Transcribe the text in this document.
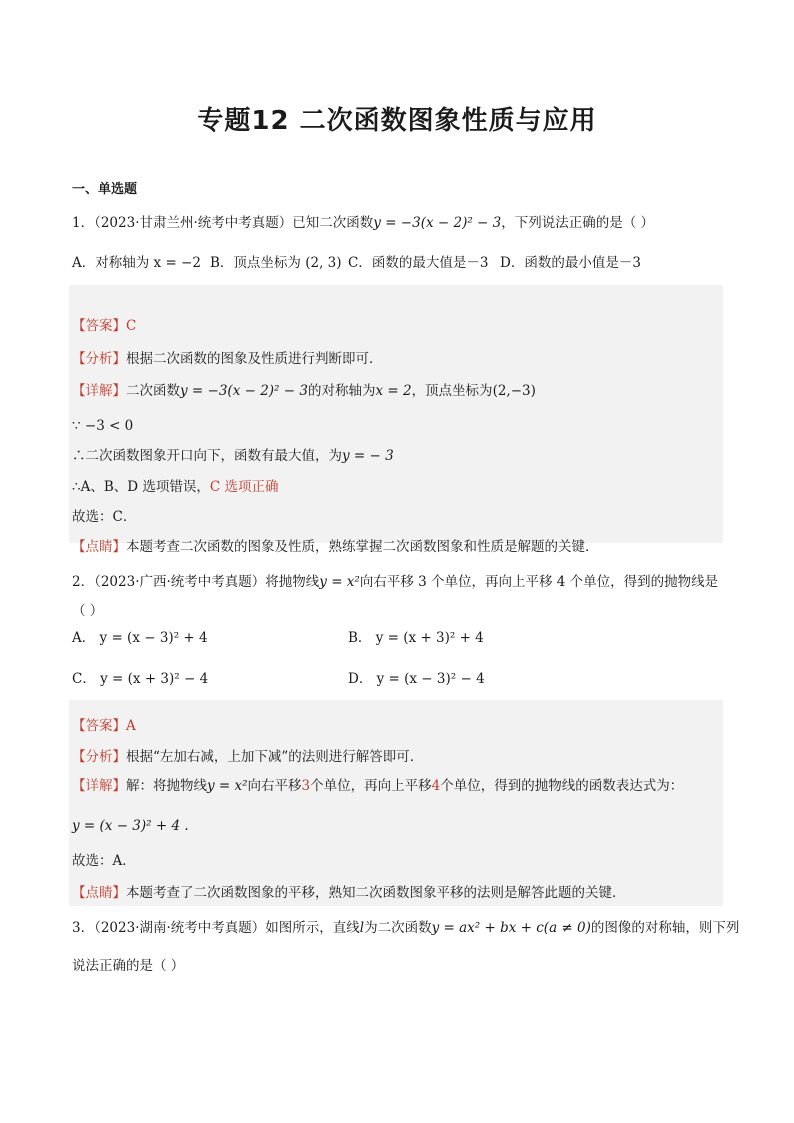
专题12 二次函数图象性质与应用
一、单选题
1．（2023·甘肃兰州·统考中考真题）已知二次函数y = −3(x − 2)² − 3，下列说法正确的是（ ）
A．对称轴为 x = −2 B．顶点坐标为 (2, 3) C．函数的最大值是－3 D．函数的最小值是－3
【答案】C
【分析】根据二次函数的图象及性质进行判断即可．
【详解】二次函数y = −3(x − 2)² − 3的对称轴为x = 2，顶点坐标为(2,−3)
∵ −3 < 0
∴二次函数图象开口向下，函数有最大值，为y = − 3
∴A、B、D 选项错误，C 选项正确
故选：C．
【点睛】本题考查二次函数的图象及性质，熟练掌握二次函数图象和性质是解题的关键．
2．（2023·广西·统考中考真题）将抛物线y = x²向右平移 3 个单位，再向上平移 4 个单位，得到的抛物线是
（ ）
A． y = (x − 3)² + 4	B． y = (x + 3)² + 4
C． y = (x + 3)² − 4	D． y = (x − 3)² − 4
【答案】A
【分析】根据“左加右减，上加下减”的法则进行解答即可．
【详解】解：将抛物线y = x²向右平移3个单位，再向上平移4个单位，得到的抛物线的函数表达式为：
y = (x − 3)² + 4 .
故选：A．
【点睛】本题考查了二次函数图象的平移，熟知二次函数图象平移的法则是解答此题的关键．
3．（2023·湖南·统考中考真题）如图所示，直线l为二次函数y = ax² + bx + c(a ≠ 0)的图像的对称轴，则下列
说法正确的是（ ）
